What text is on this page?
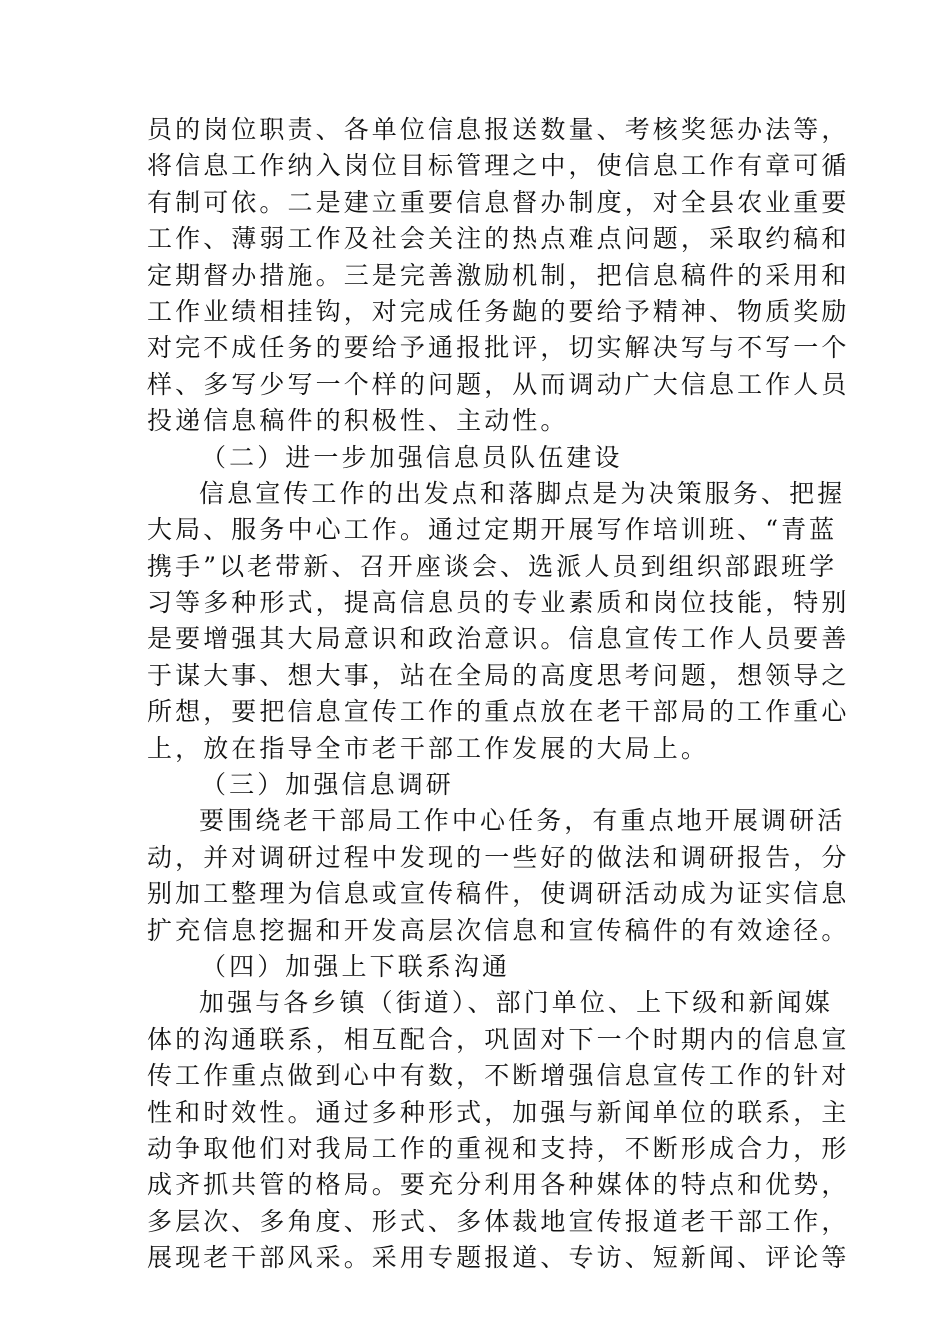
员的岗位职责、各单位信息报送数量、考核奖惩办法等，
将信息工作纳入岗位目标管理之中，使信息工作有章可循
有制可依。二是建立重要信息督办制度，对全县农业重要
工作、薄弱工作及社会关注的热点难点问题，采取约稿和
定期督办措施。三是完善激励机制，把信息稿件的采用和
工作业绩相挂钩，对完成任务龅的要给予精神、物质奖励
对完不成任务的要给予通报批评，切实解决写与不写一个
样、多写少写一个样的问题，从而调动广大信息工作人员
投递信息稿件的积极性、主动性。
（二）进一步加强信息员队伍建设
信息宣传工作的出发点和落脚点是为决策服务、把握
大局、服务中心工作。通过定期开展写作培训班、“青蓝
携手”以老带新、召开座谈会、选派人员到组织部跟班学
习等多种形式，提高信息员的专业素质和岗位技能，特别
是要增强其大局意识和政治意识。信息宣传工作人员要善
于谋大事、想大事，站在全局的高度思考问题，想领导之
所想，要把信息宣传工作的重点放在老干部局的工作重心
上，放在指导全市老干部工作发展的大局上。
（三）加强信息调研
要围绕老干部局工作中心任务，有重点地开展调研活
动，并对调研过程中发现的一些好的做法和调研报告，分
别加工整理为信息或宣传稿件，使调研活动成为证实信息
扩充信息挖掘和开发高层次信息和宣传稿件的有效途径。
（四）加强上下联系沟通
加强与各乡镇（街道）、部门单位、上下级和新闻媒
体的沟通联系，相互配合，巩固对下一个时期内的信息宣
传工作重点做到心中有数，不断增强信息宣传工作的针对
性和时效性。通过多种形式，加强与新闻单位的联系，主
动争取他们对我局工作的重视和支持，不断形成合力，形
成齐抓共管的格局。要充分利用各种媒体的特点和优势，
多层次、多角度、形式、多体裁地宣传报道老干部工作，
展现老干部风采。采用专题报道、专访、短新闻、评论等
